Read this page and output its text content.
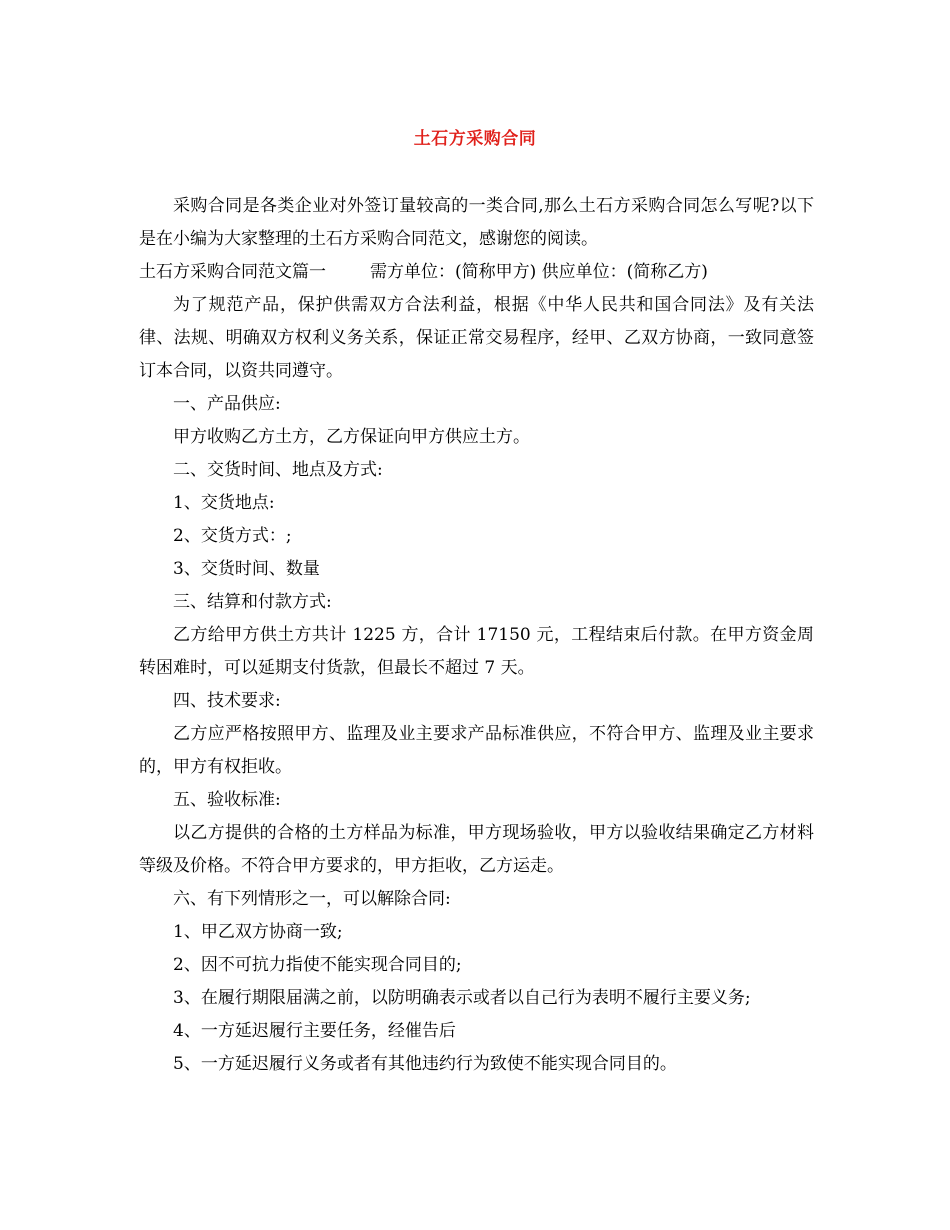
土石方采购合同

采购合同是各类企业对外签订量较高的一类合同,那么土石方采购合同怎么写呢?以下是在小编为大家整理的土石方采购合同范文，感谢您的阅读。

土石方采购合同范文篇一	需方单位：(简称甲方) 供应单位：(简称乙方)

为了规范产品，保护供需双方合法利益，根据《中华人民共和国合同法》及有关法律、法规、明确双方权利义务关系，保证正常交易程序，经甲、乙双方协商，一致同意签订本合同，以资共同遵守。

一、产品供应:

甲方收购乙方土方，乙方保证向甲方供应土方。

二、交货时间、地点及方式:

1、交货地点:

2、交货方式：;

3、交货时间、数量

三、结算和付款方式:

乙方给甲方供土方共计 1225 方，合计 17150 元，工程结束后付款。在甲方资金周转困难时，可以延期支付货款，但最长不超过 7 天。

四、技术要求:

乙方应严格按照甲方、监理及业主要求产品标准供应，不符合甲方、监理及业主要求的，甲方有权拒收。

五、验收标准:

以乙方提供的合格的土方样品为标准，甲方现场验收，甲方以验收结果确定乙方材料等级及价格。不符合甲方要求的，甲方拒收，乙方运走。

六、有下列情形之一，可以解除合同:

1、甲乙双方协商一致;

2、因不可抗力指使不能实现合同目的;

3、在履行期限届满之前，以防明确表示或者以自己行为表明不履行主要义务;

4、一方延迟履行主要任务，经催告后

5、一方延迟履行义务或者有其他违约行为致使不能实现合同目的。
